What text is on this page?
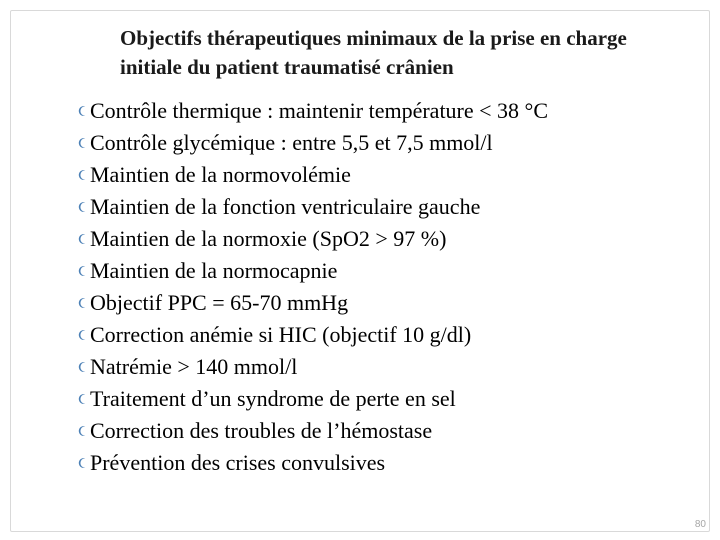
Objectifs thérapeutiques minimaux de la prise en charge initiale du patient traumatisé crânien
Contrôle thermique : maintenir température < 38 °C
Contrôle glycémique : entre 5,5 et 7,5 mmol/l
Maintien de la normovolémie
Maintien de la fonction ventriculaire gauche
Maintien de la normoxie (SpO2 > 97 %)
Maintien de la normocapnie
Objectif PPC = 65-70 mmHg
Correction anémie si HIC (objectif 10 g/dl)
Natrémie > 140 mmol/l
Traitement d’un syndrome de perte en sel
Correction des troubles de l’hémostase
Prévention des crises convulsives
80
